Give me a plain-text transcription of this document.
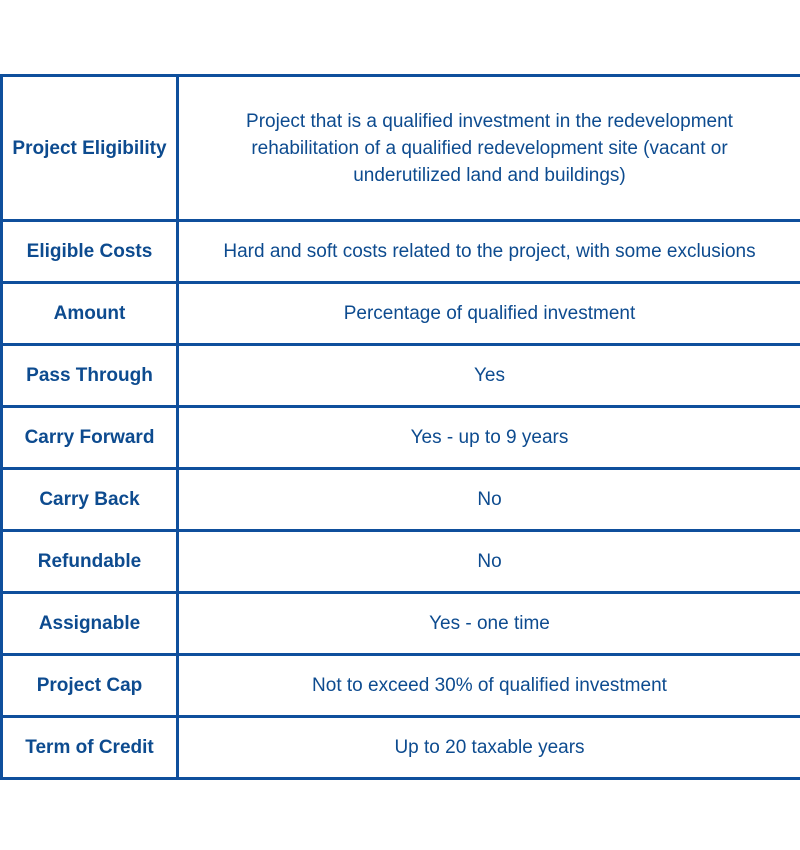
Project Eligibility	Project that is a qualified investment in the redevelopment rehabilitation of a qualified redevelopment site (vacant or underutilized land and buildings)
Eligible Costs	Hard and soft costs related to the project, with some exclusions
Amount	Percentage of qualified investment
Pass Through	Yes
Carry Forward	Yes - up to 9 years
Carry Back	No
Refundable	No
Assignable	Yes - one time
Project Cap	Not to exceed 30% of qualified investment
Term of Credit	Up to 20 taxable years
